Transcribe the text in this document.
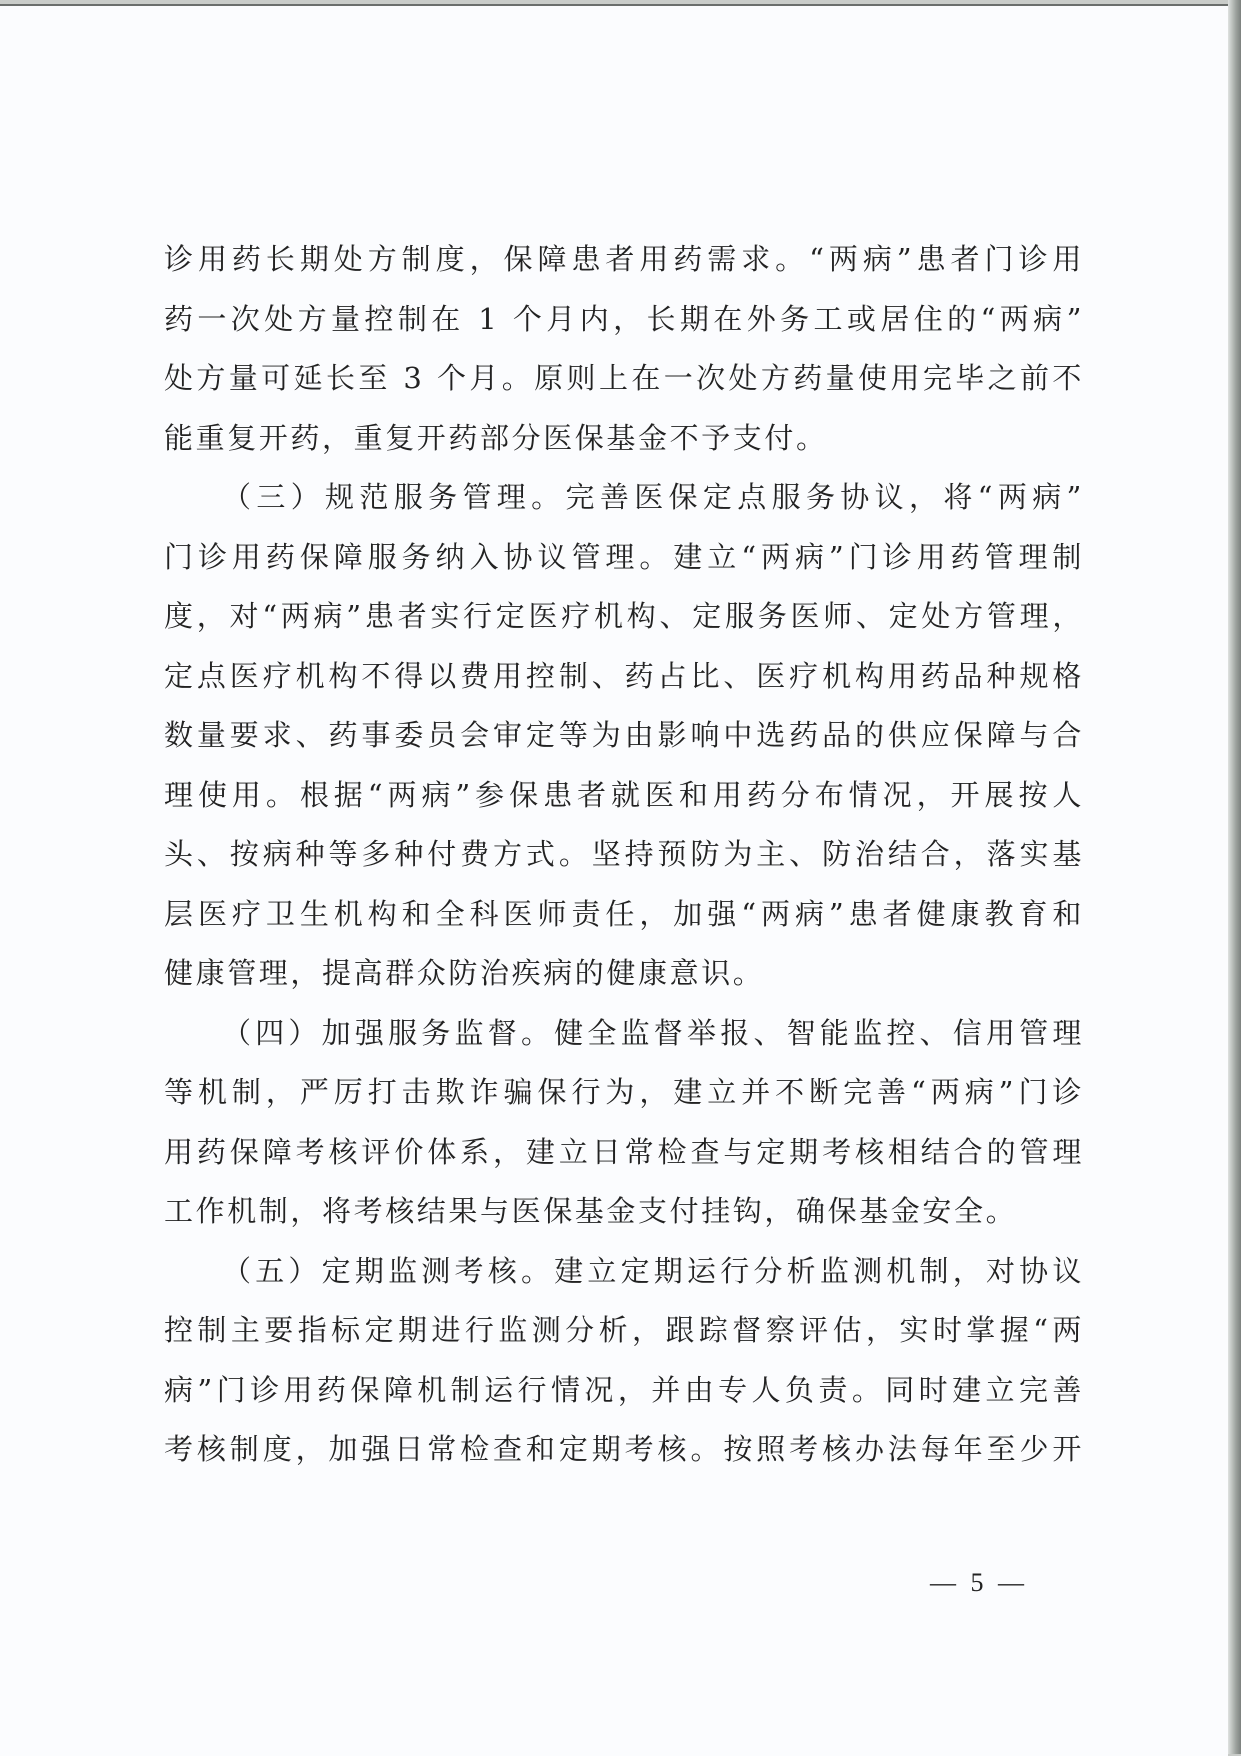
诊用药长期处方制度，保障患者用药需求。“两病”患者门诊用
药一次处方量控制在 1 个月内，长期在外务工或居住的“两病”
处方量可延长至 3 个月。原则上在一次处方药量使用完毕之前不
能重复开药，重复开药部分医保基金不予支付。
（三）规范服务管理。完善医保定点服务协议，将“两病”
门诊用药保障服务纳入协议管理。建立“两病”门诊用药管理制
度，对“两病”患者实行定医疗机构、定服务医师、定处方管理，
定点医疗机构不得以费用控制、药占比、医疗机构用药品种规格
数量要求、药事委员会审定等为由影响中选药品的供应保障与合
理使用。根据“两病”参保患者就医和用药分布情况，开展按人
头、按病种等多种付费方式。坚持预防为主、防治结合，落实基
层医疗卫生机构和全科医师责任，加强“两病”患者健康教育和
健康管理，提高群众防治疾病的健康意识。
（四）加强服务监督。健全监督举报、智能监控、信用管理
等机制，严厉打击欺诈骗保行为，建立并不断完善“两病”门诊
用药保障考核评价体系，建立日常检查与定期考核相结合的管理
工作机制，将考核结果与医保基金支付挂钩，确保基金安全。
（五）定期监测考核。建立定期运行分析监测机制，对协议
控制主要指标定期进行监测分析，跟踪督察评估，实时掌握“两
病”门诊用药保障机制运行情况，并由专人负责。同时建立完善
考核制度，加强日常检查和定期考核。按照考核办法每年至少开
— 5 —
